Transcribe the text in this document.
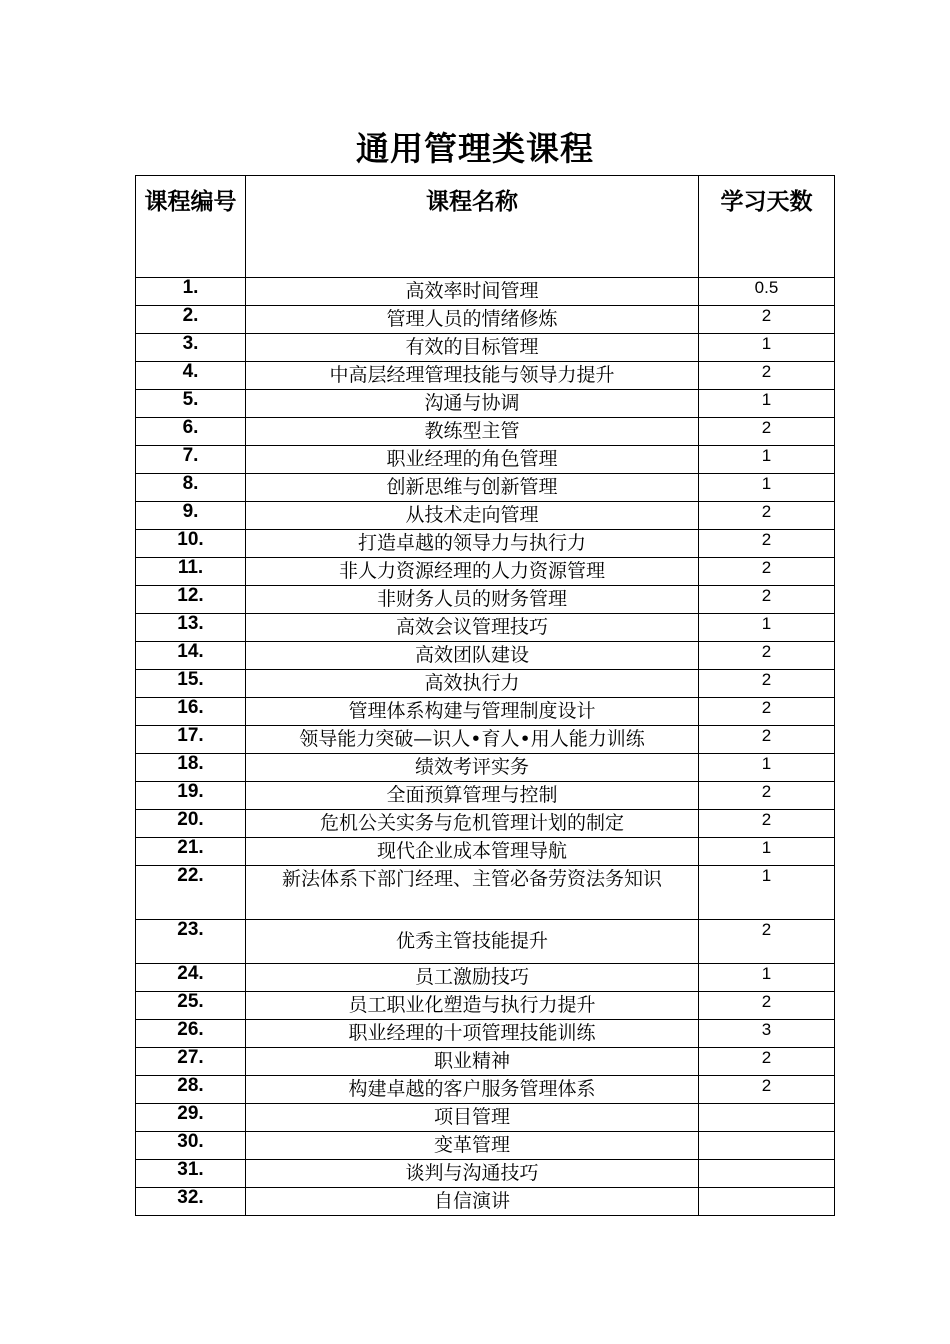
通用管理类课程
课程编号	课程名称	学习天数
1.	高效率时间管理	0.5
2.	管理人员的情绪修炼	2
3.	有效的目标管理	1
4.	中高层经理管理技能与领导力提升	2
5.	沟通与协调	1
6.	教练型主管	2
7.	职业经理的角色管理	1
8.	创新思维与创新管理	1
9.	从技术走向管理	2
10.	打造卓越的领导力与执行力	2
11.	非人力资源经理的人力资源管理	2
12.	非财务人员的财务管理	2
13.	高效会议管理技巧	1
14.	高效团队建设	2
15.	高效执行力	2
16.	管理体系构建与管理制度设计	2
17.	领导能力突破—识人•育人•用人能力训练	2
18.	绩效考评实务	1
19.	全面预算管理与控制	2
20.	危机公关实务与危机管理计划的制定	2
21.	现代企业成本管理导航	1
22.	新法体系下部门经理、主管必备劳资法务知识	1
23.	优秀主管技能提升	2
24.	员工激励技巧	1
25.	员工职业化塑造与执行力提升	2
26.	职业经理的十项管理技能训练	3
27.	职业精神	2
28.	构建卓越的客户服务管理体系	2
29.	项目管理	

30.	变革管理	

31.	谈判与沟通技巧	

32.	自信演讲	
